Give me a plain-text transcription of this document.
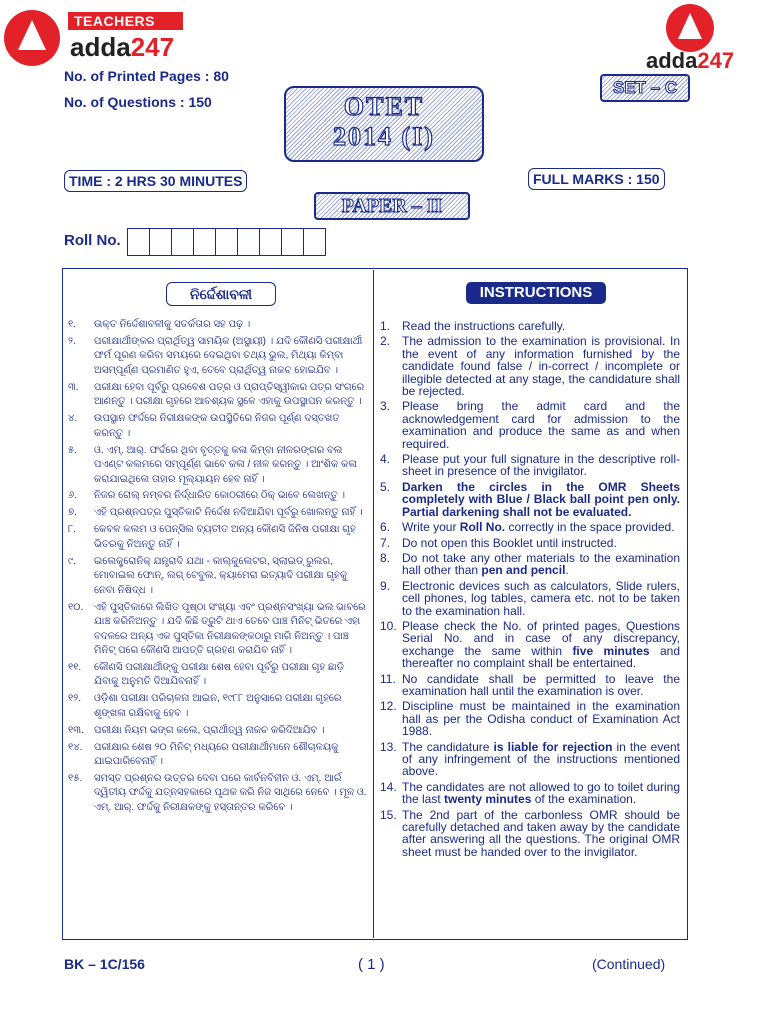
TEACHERS
adda247	adda247
No. of Printed Pages : 80
No. of Questions : 150	OTET
2014 (I)
SET – C
TIME : 2 HRS 30 MINUTES	FULL MARKS : 150
PAPER – II
Roll No.
ନିର୍ଦ୍ଦେଶାବଳୀ	INSTRUCTIONS
୧.	ଉକ୍ତ ନିର୍ଦ୍ଦେଶାବଳୀକୁ ସତର୍କତାର ସହ ପଢ଼ ।
୨.	ପରୀକ୍ଷାର୍ଥୀଙ୍କର ପ୍ରାର୍ଥିତ୍ୱ ସାମୟିକ (ଅସ୍ଥାୟୀ) । ଯଦି କୌଣସି ପରୀକ୍ଷାର୍ଥୀ ଫର୍ମ ପୂରଣ କରିବା ସମୟରେ ଦେଇଥିବା ତଥ୍ୟ ଭୁଲ, ମିଥ୍ୟା କିମ୍ବା ଅସମ୍ପୂର୍ଣ୍ଣ ପ୍ରମାଣିତ ହୁଏ, ତେବେ ପ୍ରାର୍ଥିତ୍ୱ ନାକଚ ହୋଇଯିବ ।
୩.	ପରୀକ୍ଷା ହେବା ପୂର୍ବରୁ ପ୍ରବେଶ ପତ୍ର ଓ ପ୍ରାପ୍ତିସ୍ୱୀକାର ପତ୍ର ସଂଗରେ ଆଣନ୍ତୁ । ପରୀକ୍ଷା ଗୃହରେ ଆବଶ୍ୟକ ସ୍ଥଳେ ଏହାକୁ ଉପସ୍ଥାପନ କରନ୍ତୁ ।
୪.	ଉପସ୍ଥାନ ଫର୍ଦ୍ଦରେ ନିରୀକ୍ଷକଙ୍କ ଉପସ୍ଥିତିରେ ନିଜର ପୂର୍ଣ୍ଣ ଦସ୍ତଖତ କରନ୍ତୁ ।
୫.	ଓ. ଏମ୍. ଆର୍. ଫର୍ଦ୍ଦରେ ଥିବା ବୃତ୍ତକୁ କଳା କିମ୍ବା ନୀଳରଙ୍ଗର ବଲ ପଏଣ୍ଟ କଲମରେ ସମ୍ପୂର୍ଣ୍ଣ ଭାବେ କଳା / ନୀଳ କରନ୍ତୁ । ଆଂଶିକ କଳା କରାଯାଇଥିଲେ ତାହାର ମୂଲ୍ୟାୟନ ହେବ ନାହିଁ ।
୬.	ନିଜର ରୋଲ୍ ନମ୍ବର ନିର୍ଦ୍ଧାରିତ କୋଠରୀରେ ଠିକ୍ ଭାବେ ଲେଖନ୍ତୁ ।
୭.	ଏହି ପ୍ରଶ୍ନପତ୍ର ପୁସ୍ତିକାଟି ନିର୍ଦ୍ଦେଶ ନଦିଆଯିବା ପୂର୍ବରୁ ଖୋଲନ୍ତୁ ନାହିଁ ।
୮.	କେବଳ କଲମ ଓ ପେନ୍ସିଲ ବ୍ୟତୀତ ଅନ୍ୟ କୌଣସି ଜିନିଷ ପରୀକ୍ଷା ଗୃହ ଭିତରକୁ ନିଅନ୍ତୁ ନାହିଁ ।
୯.	ଇଲେକ୍ଟ୍ରୋନିକ୍ ଯନ୍ତ୍ରାଦି ଯଥା - କାଲ୍କୁଲେଟର, ସ୍ଲାଇଡ୍ ରୁଲର, ମୋବାଇଲ ଫୋନ୍, ଲଗ୍ ଟେବୁଲ, କ୍ୟାମେରା ଇତ୍ୟାଦି ପରୀକ୍ଷା ଗୃହକୁ ନେବା ନିଷିଦ୍ଧ ।
୧୦.	ଏହି ପୁସ୍ତିକାରେ ଲିଖିତ ପୃଷ୍ଠା ସଂଖ୍ୟା ଏବଂ ପ୍ରଶ୍ନସଂଖ୍ୟା ଭଲ ଭାବରେ ଯାଞ୍ଚ କରିନିଅନ୍ତୁ । ଯଦି କିଛି ତ୍ରୁଟି ଥାଏ ତେବେ ପାଞ୍ଚ ମିନିଟ୍ ଭିତରେ ଏହା ବଦଳରେ ଅନ୍ୟ ଏକ ପୁସ୍ତିକା ନିରୀକ୍ଷକଙ୍କଠାରୁ ମାଗି ନିଅନ୍ତୁ । ପାଞ୍ଚ ମିନିଟ୍ ପରେ କୌଣସି ଆପତ୍ତି ଗ୍ରହଣ କରାଯିବ ନାହିଁ ।
୧୧.	କୌଣସି ପରୀକ୍ଷାର୍ଥୀଙ୍କୁ ପରୀକ୍ଷା ଶେଷ ହେବା ପୂର୍ବରୁ ପରୀକ୍ଷା ଗୃହ ଛାଡ଼ି ଯିବାକୁ ଅନୁମତି ଦିଆଯିବନାହିଁ ।
୧୨.	ଓଡ଼ିଶା ପରୀକ୍ଷା ପରିଚାଳନା ଆଇନ, ୧୯୮୮ ଅନୁସାରେ ପରୀକ୍ଷା ଗୃହରେ ଶୃଙ୍ଖଳା ରକ୍ଷିବାକୁ ହେବ ।
୧୩.	ପରୀକ୍ଷା ନିୟମ ଭଙ୍ଗ କଲେ, ପ୍ରାର୍ଥୀତ୍ୱ ନାକଚ କରିଦିଆଯିବ ।
୧୪.	ପରୀକ୍ଷାର ଶେଷ ୨୦ ମିନିଟ୍ ମଧ୍ୟରେ ପରୀକ୍ଷାର୍ଥୀମାନେ ଶୌଚାଳୟକୁ ଯାଇପାରିବେନାହିଁ ।
୧୫.	ସମସ୍ତ ପ୍ରଶ୍ନର ଉତ୍ତର ଦେବା ପରେ କାର୍ବନବିହୀନ ଓ. ଏମ୍. ଆର୍ର ଦ୍ୱିତୀୟ ଫର୍ଦ୍ଦକୁ ଯତ୍ନସହକାରେ ପୃଥକ କରି ନିଜ ସାଥିରେ ନେବେ । ମୂଳ ଓ. ଏମ୍. ଆର୍. ଫର୍ଦ୍ଦକୁ ନିରୀକ୍ଷକଙ୍କୁ ହସ୍ତାନ୍ତର କରିବେ ।
1. Read the instructions carefully.
2. The admission to the examination is provisional. In the event of any information furnished by the candidate found false / in-correct / incomplete or illegible detected at any stage, the candidature shall be rejected.
3. Please bring the admit card and the acknowledgement card for admission to the examination and produce the same as and when required.
4. Please put your full signature in the descriptive roll-sheet in presence of the invigilator.
5. Darken the circles in the OMR Sheets completely with Blue / Black ball point pen only. Partial darkening shall not be evaluated.
6. Write your Roll No. correctly in the space provided.
7. Do not open this Booklet until instructed.
8. Do not take any other materials to the examination hall other than pen and pencil.
9. Electronic devices such as calculators, Slide rulers, cell phones, log tables, camera etc. not to be taken to the examination hall.
10. Please check the No. of printed pages, Questions Serial No. and in case of any discrepancy, exchange the same within five minutes and thereafter no complaint shall be entertained.
11. No candidate shall be permitted to leave the examination hall until the examination is over.
12. Discipline must be maintained in the examination hall as per the Odisha conduct of Examination Act 1988.
13. The candidature is liable for rejection in the event of any infringement of the instructions mentioned above.
14. The candidates are not allowed to go to toilet during the last twenty minutes of the examination.
15. The 2nd part of the carbonless OMR should be carefully detached and taken away by the candidate after answering all the questions. The original OMR sheet must be handed over to the invigilator.
BK – 1C/156	( 1 )	(Continued)
